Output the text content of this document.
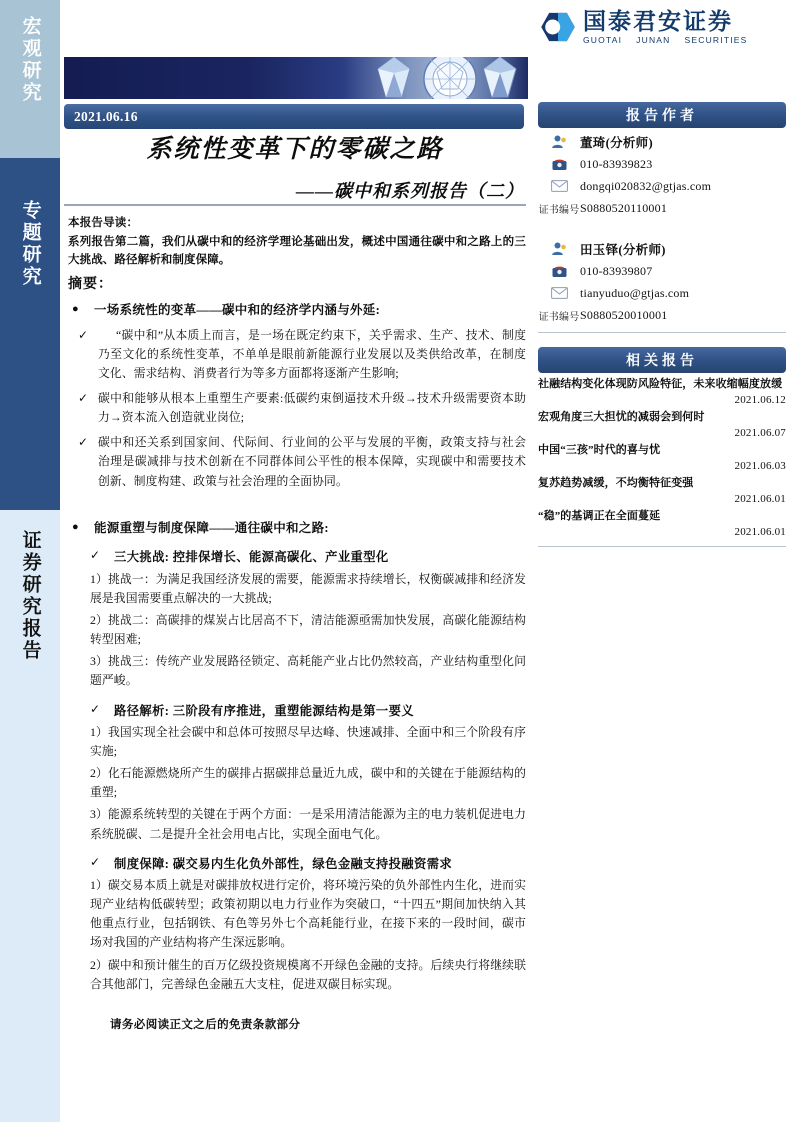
宏观研究
专题研究
证券研究报告
国泰君安证券
GUOTAI JUNAN SECURITIES
2021.06.16
系统性变革下的零碳之路
——碳中和系列报告（二）
本报告导读：
系列报告第二篇，我们从碳中和的经济学理论基础出发，概述中国通往碳中和之路上的三大挑战、路径解析和制度保障。
摘要：
●	一场系统性的变革——碳中和的经济学内涵与外延:
✓	“碳中和”从本质上而言，是一场在既定约束下，关乎需求、生产、技术、制度乃至文化的系统性变革，不单单是眼前新能源行业发展以及类供给改革，在制度文化、需求结构、消费者行为等多方面都将逐渐产生影响;
✓ 碳中和能够从根本上重塑生产要素:低碳约束倒逼技术升级→技术升级需要资本助力→资本流入创造就业岗位;
✓ 碳中和还关系到国家间、代际间、行业间的公平与发展的平衡，政策支持与社会治理是碳减排与技术创新在不同群体间公平性的根本保障，实现碳中和需要技术创新、制度构建、政策与社会治理的全面协同。
●	能源重塑与制度保障——通往碳中和之路:
✓	三大挑战: 控排保增长、能源高碳化、产业重型化
1）挑战一：为满足我国经济发展的需要，能源需求持续增长，权衡碳减排和经济发展是我国需要重点解决的一大挑战;
2）挑战二：高碳排的煤炭占比居高不下，清洁能源亟需加快发展，高碳化能源结构转型困难;
3）挑战三：传统产业发展路径锁定、高耗能产业占比仍然较高，产业结构重型化问题严峻。
✓	路径解析: 三阶段有序推进，重塑能源结构是第一要义
1）我国实现全社会碳中和总体可按照尽早达峰、快速减排、全面中和三个阶段有序实施;
2）化石能源燃烧所产生的碳排占据碳排总量近九成，碳中和的关键在于能源结构的重塑;
3）能源系统转型的关键在于两个方面：一是采用清洁能源为主的电力装机促进电力系统脱碳、二是提升全社会用电占比，实现全面电气化。
✓	制度保障: 碳交易内生化负外部性，绿色金融支持投融资需求
1）碳交易本质上就是对碳排放权进行定价，将环境污染的负外部性内生化，进而实现产业结构低碳转型；政策初期以电力行业作为突破口，“十四五”期间加快纳入其他重点行业，包括钢铁、有色等另外七个高耗能行业，在接下来的一段时间，碳市场对我国的产业结构将产生深远影响。
2）碳中和预计催生的百万亿级投资规模离不开绿色金融的支持。后续央行将继续联合其他部门，完善绿色金融五大支柱，促进双碳目标实现。
请务必阅读正文之后的免责条款部分
报告作者
董琦(分析师)
010-83939823
dongqi020832@gtjas.com
证书编号 S0880520110001
田玉铎(分析师)
010-83939807
tianyuduo@gtjas.com
证书编号 S0880520010001
相关报告
社融结构变化体现防风险特征，未来收缩幅度放缓
2021.06.12
宏观角度三大担忧的减弱会到何时
2021.06.07
中国“三孩”时代的喜与忧
2021.06.03
复苏趋势减缓，不均衡特征变强
2021.06.01
“稳”的基调正在全面蔓延
2021.06.01
